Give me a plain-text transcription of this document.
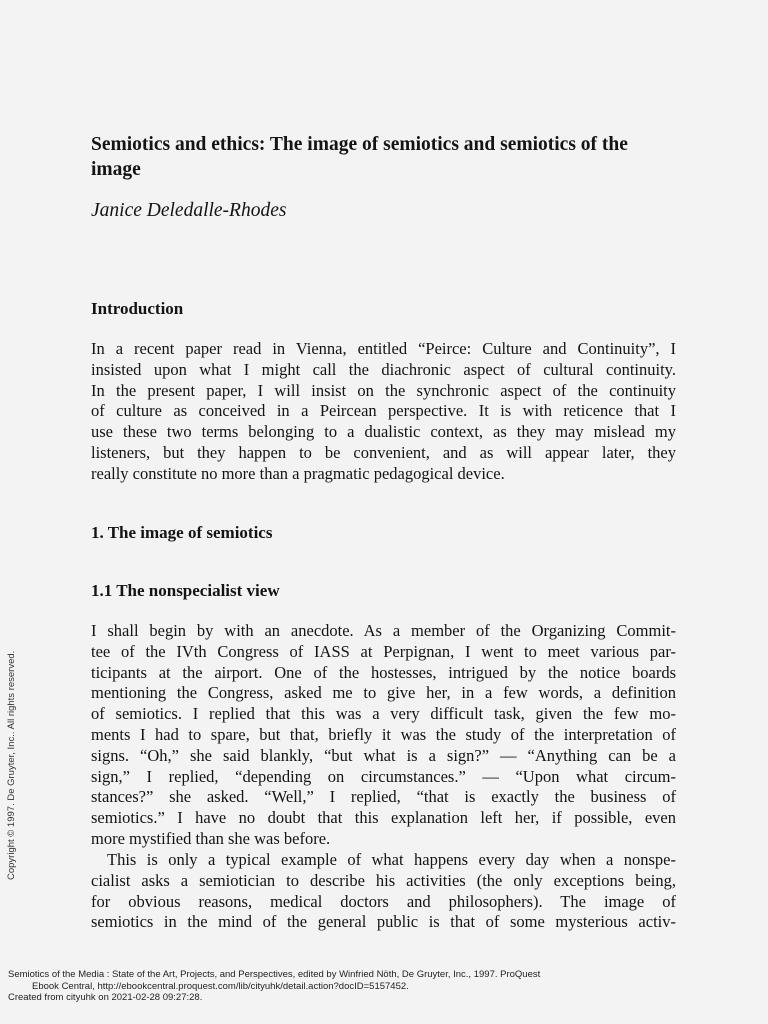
Semiotics and ethics: The image of semiotics and semiotics of the image

Janice Deledalle-Rhodes

Introduction

In a recent paper read in Vienna, entitled “Peirce: Culture and Continuity”, I
insisted upon what I might call the diachronic aspect of cultural continuity.
In the present paper, I will insist on the synchronic aspect of the continuity
of culture as conceived in a Peircean perspective. It is with reticence that I
use these two terms belonging to a dualistic context, as they may mislead my
listeners, but they happen to be convenient, and as will appear later, they
really constitute no more than a pragmatic pedagogical device.

1. The image of semiotics
1.1 The nonspecialist view

I shall begin by with an anecdote. As a member of the Organizing Commit-
tee of the IVth Congress of IASS at Perpignan, I went to meet various par-
ticipants at the airport. One of the hostesses, intrigued by the notice boards
mentioning the Congress, asked me to give her, in a few words, a definition
of semiotics. I replied that this was a very difficult task, given the few mo-
ments I had to spare, but that, briefly it was the study of the interpretation of
signs. “Oh,” she said blankly, “but what is a sign?” — “Anything can be a
sign,” I replied, “depending on circumstances.” — “Upon what circum-
stances?” she asked. “Well,” I replied, “that is exactly the business of
semiotics.” I have no doubt that this explanation left her, if possible, even
more mystified than she was before.

This is only a typical example of what happens every day when a nonspe-
cialist asks a semiotician to describe his activities (the only exceptions being,
for obvious reasons, medical doctors and philosophers). The image of
semiotics in the mind of the general public is that of some mysterious activ-

Copyright © 1997. De Gruyter, Inc.. All rights reserved.

Semiotics of the Media : State of the Art, Projects, and Perspectives, edited by Winfried Nöth, De Gruyter, Inc., 1997. ProQuest
Ebook Central, http://ebookcentral.proquest.com/lib/cityuhk/detail.action?docID=5157452.
Created from cityuhk on 2021-02-28 09:27:28.
